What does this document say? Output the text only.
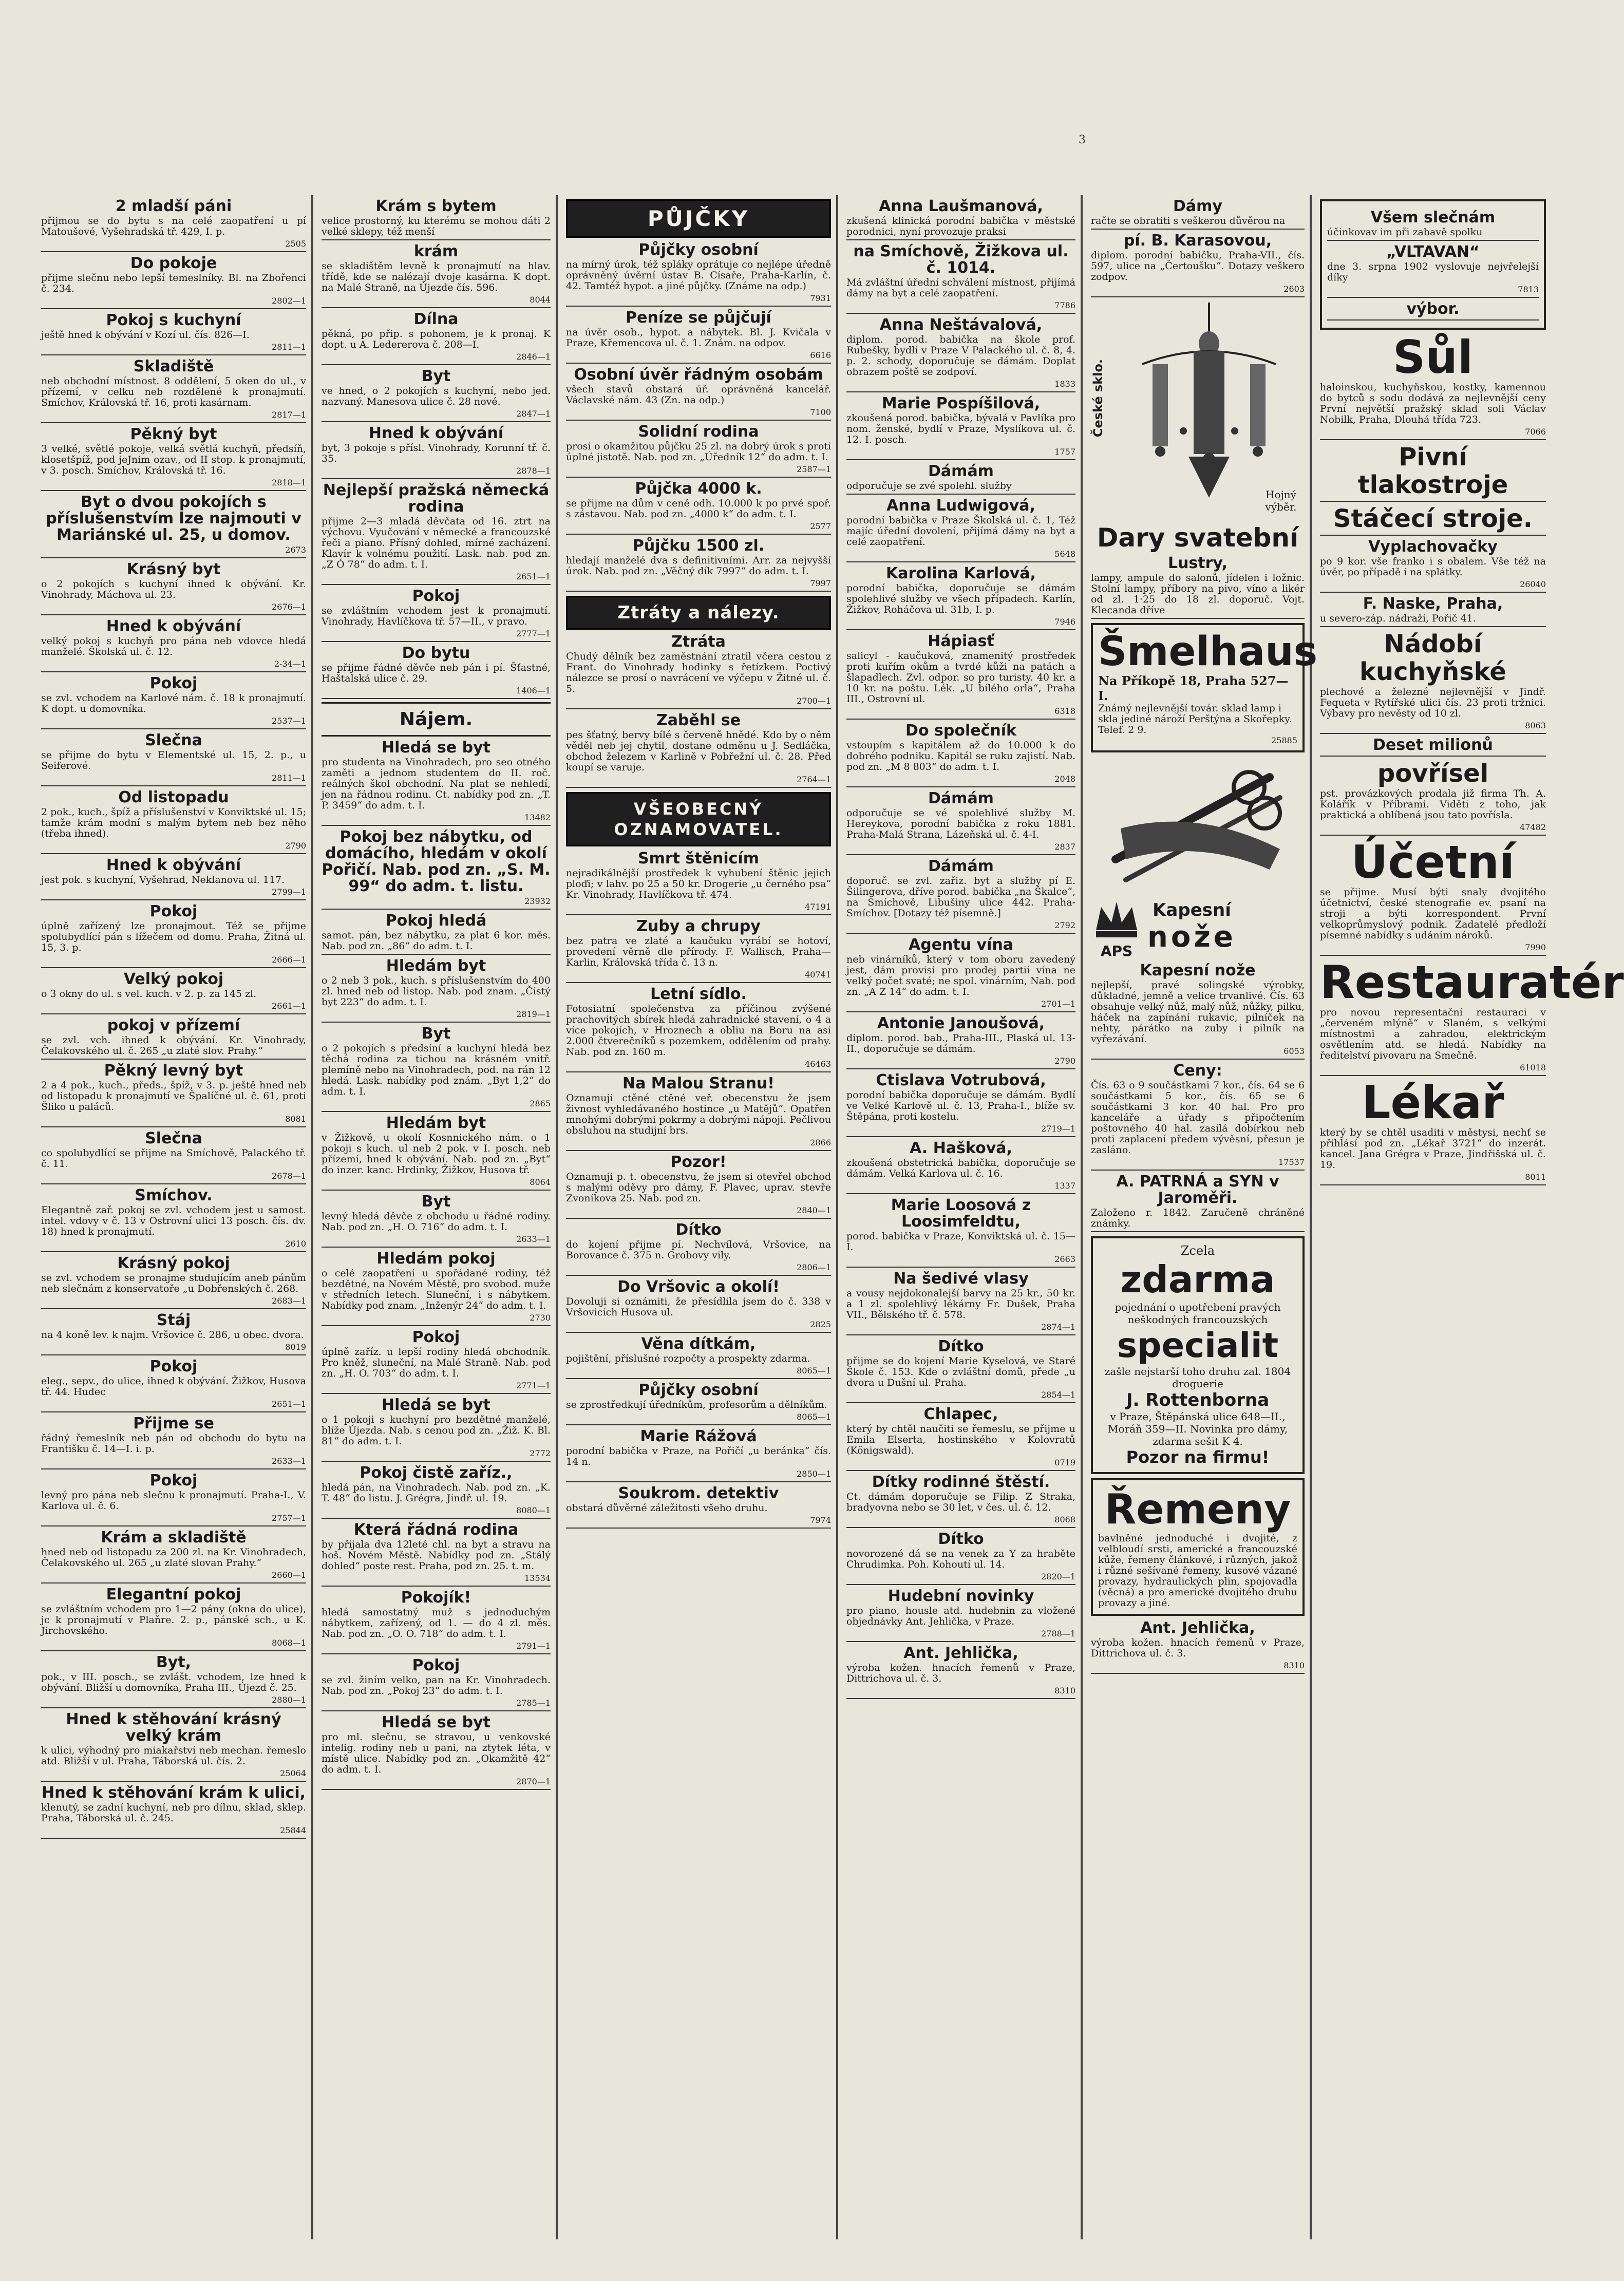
2 mladší páni
přijmou se do bytu s na celé zaopatření u pí Matoušové, Vyšehradská tř. 429, I. p.
2505
Do pokoje
přijme slečnu nebo lepší temeslníky. Bl. na Zbořenci č. 234.
2802—1
Pokoj s kuchyní
ještě hned k obývání v Kozí ul. čís. 826—I.
2811—1
Skladiště
neb obchodní místnost. 8 oddělení, 5 oken do ul., v přízemí, v celku neb rozdělené k pronajmutí. Smíchov, Královská tř. 16, proti kasárnam.
2817—1
Pěkný byt
3 velké, světlé pokoje, velká světlá kuchyň, předsíň, klosetšpíž, pod jeJnim ozav., od II stop. k pronajmutí, v 3. posch. Smíchov, Královská tř. 16.
2818—1
Byt o dvou pokojích s příslušenstvím lze najmouti v Mariánské ul. 25, u domov.
2673
Krásný byt
o 2 pokojích s kuchyní ihned k obývání. Kr. Vinohrady, Máchova ul. 23.
2676—1
Hned k obývání
velký pokoj s kuchyň pro pána neb vdovce hledá manželé. Školská ul. č. 12.
2-34—1
Pokoj
se zvl. vchodem na Karlové nám. č. 18 k pronajmutí. K dopt. u domovníka.
2537—1
Slečna
se přijme do bytu v Elementské ul. 15, 2. p., u Seiferové.
2811—1
Od listopadu
2 pok., kuch., špíž a příslušenství v Konviktské ul. 15; tamže krám modní s malým bytem neb bez něho (třeba ihned).
2790
Hned k obývání
jest pok. s kuchyní, Vyšehrad, Neklanova ul. 117.
2799—1
Pokoj
úplně zařízený lze pronajmout. Též se přijme spolubydlící pán s lížečem od domu. Praha, Žitná ul. 15, 3. p.
2666—1
Velký pokoj
o 3 okny do ul. s vel. kuch. v 2. p. za 145 zl.
2661—1
pokoj v přízemí
se zvl. vch. ihned k obývání. Kr. Vinohrady, Čelakovského ul. č. 265 „u zlaté slov. Prahy.“
Pěkný levný byt
2 a 4 pok., kuch., předs., špíž, v 3. p. ještě hned neb od listopadu k pronajmutí ve Špalíčné ul. č. 61, proti Šliko u paláců.
8081
Slečna
co spolubydlící se přijme na Smíchově, Palackého tř. č. 11.
2678—1
Smíchov.
Elegantně zař. pokoj se zvl. vchodem jest u samost. intel. vdovy v č. 13 v Ostrovní ulici 13 posch. čís. dv. 18) hned k pronajmutí.
2610
Krásný pokoj
se zvl. vchodem se pronajme studujícím aneb pánům neb slečnám z konservatoře „u Dobřenských č. 268.
2683—1
Stáj
na 4 koně lev. k najm. Vršovice č. 286, u obec. dvora.
8019
Pokoj
eleg., sepv., do ulice, ihned k obývání. Žižkov, Husova tř. 44. Hudec
2651—1
Přijme se
řádný řemeslník neb pán od obchodu do bytu na Františku č. 14—I. i. p.
2633—1
Pokoj
levný pro pána neb slečnu k pronajmutí. Praha-I., V. Karlova ul. č. 6.
2757—1
Krám a skladiště
hned neb od listopadu za 200 zl. na Kr. Vinohradech, Čelakovského ul. 265 „u zlaté slovan Prahy.“
2660—1
Elegantní pokoj
se zvláštním vchodem pro 1—2 pány (okna do ulice), jc k pronajmutí v Plaňre. 2. p., pánské sch., u K. Jirchovského.
8068—1
Byt,
pok., v III. posch., se zvlášt. vchodem, lze hned k obývání. Bližší u domovníka, Praha III., Újezd č. 25.
2880—1
Hned k stěhování krásný velký krám
k ulici, výhodný pro miakařství neb mechan. řemeslo atd. Bližší v ul. Praha, Táborská ul. čís. 2.
25064
Hned k stěhování krám k ulici,
klenutý, se zadní kuchyní, neb pro dílnu, sklad, sklep. Praha, Táborská ul. č. 245.
25844
Krám s bytem
velice prostorný, ku kterému se mohou dáti 2 velké sklepy, též menší
krám
se skladištěm levně k pronajmutí na hlav. třídě, kde se nalézají dvoje kasárna. K dopt. na Malé Straně, na Újezde čís. 596.
8044
Dílna
pěkná, po přip. s pohonem, je k pronaj. K dopt. u A. Ledererova č. 208—I.
2846—1
Byt
ve hned, o 2 pokojích s kuchyní, nebo jed. nazvaný. Manesova ulice č. 28 nové.
2847—1
Hned k obývání
byt, 3 pokoje s přísl. Vinohrady, Korunní tř. č. 35.
2878—1
Nejlepší pražská německá rodina
přijme 2—3 mladá děvčata od 16. ztrt na výchovu. Vyučování v německé a francouzské řeči a piano. Přísný dohled, mírné zacházení. Klavír k volnému použití. Lask. nab. pod zn. „Z Ó 78“ do adm. t. I.
2651—1
Pokoj
se zvláštním vchodem jest k pronajmutí. Vinohrady, Havlíčkova tř. 57—II., v pravo.
2777—1
Do bytu
se přijme řádné děvče neb pán i pí. Šťastné, Haštalská ulice č. 29.
1406—1
Nájem.
Hledá se byt
pro studenta na Vinohradech, pro seo otného zaměti a jednom studentem do II. roč. reálných škol obchodní. Na plat se nehledí, jen na řádnou rodinu. Ct. nabídky pod zn. „T. P. 3459“ do adm. t. I.
13482
Pokoj bez nábytku, od domácího, hledám v okolí Pořičí. Nab. pod zn. „S. M. 99“ do adm. t. listu.
23932
Pokoj hledá
samot. pán, bez nábytku, za plat 6 kor. měs. Nab. pod zn. „86“ do adm. t. I.
Hledám byt
o 2 neb 3 pok., kuch. s příslušenstvím do 400 zl. hned neb od listop. Nab. pod znam. „Čistý byt 223“ do adm. t. I.
2819—1
Byt
o 2 pokojích s předsíní a kuchyní hledá bez těchá rodina za tichou na krásném vnitř. plemíně nebo na Vinohradech, pod. na rán 12 hledá. Lask. nabídky pod znám. „Byt 1,2“ do adm. t. I.
2865
Hledám byt
v Žižkově, u okolí Kosnnického nám. o 1 pokoji s kuch. ul neb 2 pok. v I. posch. neb přízemí, hned k obývání. Nab. pod zn. „Byt“ do inzer. kanc. Hrdinky, Žižkov, Husova tř.
8064
Byt
levný hledá děvče z obchodu u řádné rodiny. Nab. pod zn. „H. O. 716“ do adm. t. I.
2633—1
Hledám pokoj
o celé zaopatření u spořádané rodiny, též bezdětné, na Novém Městě, pro svobod. muže v středních letech. Sluneční, i s nábytkem. Nabídky pod znam. „Inženýr 24“ do adm. t. I.
2730
Pokoj
úplně zaříz. u lepší rodiny hledá obchodník. Pro kněž, sluneční, na Malé Straně. Nab. pod zn. „H. O. 703“ do adm. t. I.
2771—1
Hledá se byt
o 1 pokoji s kuchyní pro bezdětné manželé, blíže Újezda. Nab. s cenou pod zn. „Žiž. K. Bl. 81“ do adm. t. I.
2772
Pokoj čistě zaříz.,
hledá pán, na Vinohradech. Nab. pod zn. „K. T. 48“ do listu. J. Grégra, Jindř. ul. 19.
8080—1
Která řádná rodina
by přijala dva 12leté chl. na byt a stravu na hoš. Novém Městě. Nabídky pod zn. „Stálý dohled“ poste rest. Praha, pod zn. 25. t. m.
13534
Pokojík!
hledá samostatný muž s jednoduchým nábytkem, zařízený, od 1. — do 4 zl. měs. Nab. pod zn. „O. O. 718“ do adm. t. I.
2791—1
Pokoj
se zvl. žiním velko, pan na Kr. Vinohradech. Nab. pod zn. „Pokoj 23“ do adm. t. I.
2785—1
Hledá se byt
pro ml. slečnu, se stravou, u venkovské intelig. rodiny neb u pani, na ztytek léta, v místě ulice. Nabídky pod zn. „Okamžitě 42“ do adm. t. I.
2870—1
PŮJČKY
Půjčky osobní
na mírný úrok, též spláky oprátuje co nejlépe úředně oprávněný úvěrní ústav B. Císaře, Praha-Karlín, č. 42. Tamtéž hypot. a jiné půjčky. (Známe na odp.)
7931
Peníze se půjčují
na úvěr osob., hypot. a nábytek. Bl. J. Kvičala v Praze, Křemencova ul. č. 1. Znám. na odpov.
6616
Osobní úvěr řádným osobám
všech stavů obstará úř. oprávněná kancelář. Václavské nám. 43 (Zn. na odp.)
7100
Solidní rodina
prosí o okamžitou půjčku 25 zl. na dobrý úrok s proti úplné jistotě. Nab. pod zn. „Úředník 12“ do adm. t. I.
2587—1
Půjčka 4000 k.
se přijme na dům v ceně odh. 10.000 k po prvé spoř. s zástavou. Nab. pod zn. „4000 k“ do adm. t. I.
2577
Půjčku 1500 zl.
hledají manželé dva s definitivními. Arr. za nejvyšší úrok. Nab. pod zn. „Věčný dík 7997“ do adm. t. I.
7997
Ztráty a nálezy.
Ztráta
Chudý dělník bez zaměstnání ztratil včera cestou z Frant. do Vinohrady hodinky s řetízkem. Poctivý nálezce se prosí o navrácení ve výčepu v Žitné ul. č. 5.
2700—1
Zaběhl se
pes šťatný, bervy bílé s červeně hnědé. Kdo by o něm věděl neb jej chytil, dostane odměnu u J. Sedláčka, obchod železem v Karlině v Pobřežní ul. č. 28. Před koupí se varuje.
2764—1
VŠEOBECNÝ OZNAMOVATEL.
Smrt štěnicím
nejradikálnější prostředek k vyhubení štěnic jejich ploďi; v lahv. po 25 a 50 kr. Drogerie „u černého psa“ Kr. Vinohrady, Havlíčkova tř. 474.
47191
Zuby a chrupy
bez patra ve zlaté a kaučuku vyrábí se hotoví, provedení věrně dle přírody. F. Wallisch, Praha—Karlin, Královská třída č. 13 n.
40741
Letní sídlo.
Fotosiatní společenstva za příčinou zvýšené prachovitých sbírek hledá zahradnické stavení, o 4 a více pokojích, v Hroznech a obliu na Boru na asi 2.000 čtverečníků s pozemkem, oddělením od prahy. Nab. pod zn. 160 m.
46463
Na Malou Stranu!
Oznamuji ctěné ctěné veř. obecenstvu že jsem živnost vyhledávaného hostince „u Matějů“. Opatřen mnohými dobrými pokrmy a dobrými nápoji. Pečlivou obsluhou na studijní brs.
2866
Pozor!
Oznamuji p. t. obecenstvu, že jsem si otevřel obchod s malými oděvy pro dámy, F. Plavec, uprav. stevře Zvoníkova 25. Nab. pod zn.
2840—1
Dítko
do kojení přijme pí. Nechvílová, Vršovice, na Borovance č. 375 n. Grobovy vily.
2806—1
Do Vršovic a okolí!
Dovoluji si oznámiti, že přesídlila jsem do č. 338 v Vršovicích Husova ul.
2825
Věna dítkám,
pojištění, příslušné rozpočty a prospekty zdarma.
8065—1
Půjčky osobní
se zprostředkují úředníkům, profesorům a dělníkům.
8065—1
Marie Rážová
porodní babička v Praze, na Pořičí „u beránka“ čís. 14 n.
2850—1
Soukrom. detektiv
obstará důvěrné záležitosti všeho druhu.
7974
Anna Laušmanová,
zkušená klinická porodní babička v městské porodnici, nyní provozuje praksi
na Smíchově, Žižkova ul. č. 1014.
Má zvláštní úřední schválení místnost, přijímá dámy na byt a celé zaopatření.
7786
Anna Neštávalová,
diplom. porod. babička na škole prof. Rubešky, bydlí v Praze V Palackého ul. č. 8, 4. p. 2. schody, doporučuje se dámám. Doplat obrazem poště se zodpoví.
1833
Marie Pospíšilová,
zkoušená porod. babička, bývalá v Pavlíka pro nom. ženské, bydlí v Praze, Myslíkova ul. č. 12. I. posch.
1757
Dámám
odporučuje se zvé spolehl. služby
Anna Ludwigová,
porodní babička v Praze Školská ul. č. 1, Též majíc úřední dovolení, přijímá dámy na byt a celé zaopatření.
5648
Karolina Karlová,
porodní babička, doporučuje se dámám spolehlivé služby ve všech případech. Karlín, Žižkov, Roháčova ul. 31b, I. p.
7946
Hápiasť
salicyl - kaučuková, znamenitý prostředek proti kuřím okům a tvrdé kůži na patách a šlapadlech. Zvl. odpor. so pro turisty. 40 kr. a 10 kr. na poštu. Lék. „U bílého orla“, Praha III., Ostrovní ul.
6318
Do společník
vstoupím s kapitálem až do 10.000 k do dobrého podniku. Kapitál se ruku zajistí. Nab. pod zn. „M 8 803“ do adm. t. I.
2048
Dámám
odporučuje se vé spolehlivé služby M. Hereykova, porodní babička z roku 1881. Praha-Malá Strana, Lázeňská ul. č. 4-I.
2837
Dámám
doporuč. se zvl. zařiz. byt a služby pí E. Šilingerova, dříve porod. babička „na Škalce“, na Smíchově, Libušiny ulice 442. Praha-Smíchov. [Dotazy též písemně.]
2792
Agentu vína
neb vinárníků, který v tom oboru zavedený jest, dám provisi pro prodej partií vína ne velký počet svaté; ne spol. vinárním, Nab. pod zn. „A Z 14“ do adm. t. I.
2701—1
Antonie Janoušová,
diplom. porod. bab., Praha-III., Plaská ul. 13-II., doporučuje se dámám.
2790
Ctislava Votrubová,
porodní babička doporučuje se dámám. Bydlí ve Velké Karlově ul. č. 13, Praha-I., blíže sv. Štěpána, proti kostelu.
2719—1
A. Hašková,
zkoušená obstetrická babička, doporučuje se dámám. Velká Karlova ul. č. 16.
1337
Marie Loosová z Loosimfeldtu,
porod. babička v Praze, Konviktská ul. č. 15—I.
2663
Na šedivé vlasy
a vousy nejdokonalejší barvy na 25 kr., 50 kr. a 1 zl. spolehlivý lékárny Fr. Dušek, Praha VII., Bělského tř. č. 578.
2874—1
Dítko
přijme se do kojení Marie Kyselová, ve Staré Škole č. 153. Kde o zvláštní domů, přede „u dvora u Dušní ul. Praha.
2854—1
Chlapec,
který by chtěl naučiti se řemeslu, se přijme u Emila Elserta, hostinského v Kolovratů (Königswald).
0719
Dítky rodinné štěstí.
Ct. dámám doporučuje se Filip. Z Straka, bradyovna nebo se 30 let, v čes. ul. č. 12.
8068
Dítko
novorozené dá se na venek za Y za hraběte Chrudimka. Poh. Kohoutí ul. 14.
2820—1
Hudební novinky
pro piano, housle atd. hudebnin za vložené objednávky Ant. Jehlička, v Praze.
2788—1
Ant. Jehlička,
výroba kožen. hnacích řemenů v Praze, Dittrichova ul. č. 3.
8310
Dámy
račte se obratiti s veškerou důvěrou na
pí. B. Karasovou,
diplom. porodní babičku, Praha-VII., čís. 597, ulice na „Čertoušku“. Dotazy veškero zodpov.
2603
České sklo.
Hojný výběr.
Dary svatební
Lustry,
lampy, ampule do salonů, jídelen i ložnic. Stolní lampy, příbory na pivo, víno a likér od zl. 1·25 do 18 zl. doporuč. Vojt. Klecanda dříve
Šmelhaus
Na Příkopě 18, Praha 527—I.
Známý nejlevnější továr. sklad lamp i skla jediné nároží Perštýna a Skořepky. Telef. 2 9.
25885
APS
Kapesní
nože
Kapesní nože
nejlepší, pravé solingské výrobky, důkladné, jemně a velice trvanlivé. Čís. 63 obsahuje velký nůž, malý nůž, nůžky, pilku, háček na zapínání rukavic, pilníček na nehty, párátko na zuby i pilník na vyřezávání.
6053
Ceny:
Čís. 63 o 9 součástkami 7 kor., čís. 64 se 6 součástkami 5 kor., čís. 65 se 6 součástkami 3 kor. 40 hal. Pro pro kanceláře a úřady s připočtením poštovného 40 hal. zasílá dobírkou neb proti zaplacení předem vývěsní, přesun je zasláno.
17537
A. PATRNÁ a SYN v Jaroměři.
Založeno r. 1842. Zaručeně chráněné známky.
Zcela
zdarma
pojednání o upotřebení pravých neškodných francouzských
specialit
zašle nejstarší toho druhu zal. 1804 droguerie
J. Rottenborna
v Praze, Štěpánská ulice 648—II., Moráň 359—II. Novinka pro dámy, zdarma sešit K 4.
Pozor na firmu!
Řemeny
bavlněné jednoduché i dvojité, z velbloudí srsti, americké a francouzské kůže, řemeny článkové, i různých, jakož i různé sešívané řemeny, kusové vázané provazy, hydraulických plin, spojovadla (věcná) a pro americké dvojitého druhu provazy a jiné.
Ant. Jehlička,
výroba kožen. hnacích řemenů v Praze, Dittrichova ul. č. 3.
8310
Všem slečnám
účinkovav im při zabavě spolku
„VLTAVAN“
dne 3. srpna 1902 vyslovuje nejvřelejší díky
7813
výbor.
Sůl
haloinskou, kuchyňskou, kostky, kamennou do bytců s sodu dodává za nejlevnější ceny První největší pražský sklad soli Václav Nobilk, Praha, Dlouhá třída 723.
7066
Pivní tlakostroje
Stáčecí stroje.
Vyplachovačky
po 9 kor. vše franko i s obalem. Vše též na úvěr, po případě i na splátky.
26040
F. Naske, Praha,
u severo-záp. nádraží, Pořič 41.
Nádobí kuchyňské
plechové a železné nejlevnější v Jindř. Fequeta v Rytířské ulici čís. 23 proti tržnici. Výbavy pro nevěsty od 10 zl.
8063
Deset milionů
povřísel
pst. provázkových prodala již firma Th. A. Kolářík v Příbrami. Viděti z toho, jak praktická a oblíbená jsou tato povřísla.
47482
Účetní
se přijme. Musí býti snaly dvojitého účetnictví, české stenografie ev. psaní na stroji a býti korrespondent. První velkoprůmyslový podnik. Zadatelé předloží písemné nabídky s udáním nároků.
7990
Restauratér
pro novou representační restauraci v „červeném mlýně“ v Slaném, s velkými místnostmi a zahradou, elektrickým osvětlením atd. se hledá. Nabídky na ředitelství pivovaru na Smečně.
61018
Lékař
který by se chtěl usaditi v městysi, nechť se přihlásí pod zn. „Lékař 3721“ do inzerát. kancel. Jana Grégra v Praze, Jindřišská ul. č. 19.
8011
3
